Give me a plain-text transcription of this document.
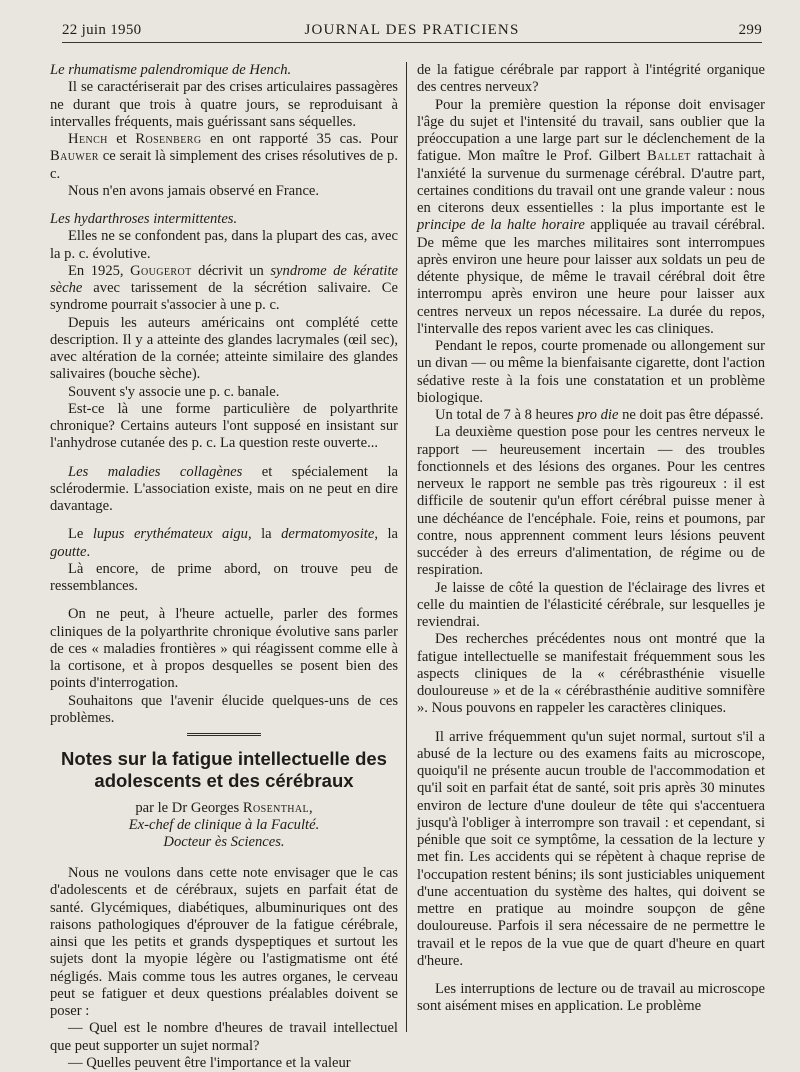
22 juin 1950	JOURNAL DES PRATICIENS	299

Le rhumatisme palendromique de Hench.

Il se caractériserait par des crises articulaires passagères ne durant que trois à quatre jours, se reproduisant à intervalles fréquents, mais guérissant sans séquelles.

Hench et Rosenberg en ont rapporté 35 cas. Pour Bauwer ce serait là simplement des crises résolutives de p. c.

Nous n'en avons jamais observé en France.

Les hydarthroses intermittentes.

Elles ne se confondent pas, dans la plupart des cas, avec la p. c. évolutive.

En 1925, Gougerot décrivit un syndrome de kératite sèche avec tarissement de la sécrétion salivaire. Ce syndrome pourrait s'associer à une p. c.

Depuis les auteurs américains ont complété cette description. Il y a atteinte des glandes lacrymales (œil sec), avec altération de la cornée; atteinte similaire des glandes salivaires (bouche sèche).

Souvent s'y associe une p. c. banale.

Est-ce là une forme particulière de polyarthrite chronique? Certains auteurs l'ont supposé en insistant sur l'anhydrose cutanée des p. c. La question reste ouverte...

Les maladies collagènes et spécialement la sclérodermie. L'association existe, mais on ne peut en dire davantage.

Le lupus erythémateux aigu, la dermatomyosite, la goutte.

Là encore, de prime abord, on trouve peu de ressemblances.

On ne peut, à l'heure actuelle, parler des formes cliniques de la polyarthrite chronique évolutive sans parler de ces « maladies frontières » qui réagissent comme elle à la cortisone, et à propos desquelles se posent bien des points d'interrogation.

Souhaitons que l'avenir élucide quelques-uns de ces problèmes.

Notes sur la fatigue intellectuelle des adolescents et des cérébraux
par le Dr Georges Rosenthal,
Ex-chef de clinique à la Faculté.
Docteur ès Sciences.

Nous ne voulons dans cette note envisager que le cas d'adolescents et de cérébraux, sujets en parfait état de santé. Glycémiques, diabétiques, albuminuriques ont des raisons pathologiques d'éprouver de la fatigue cérébrale, ainsi que les petits et grands dyspeptiques et surtout les sujets dont la myopie légère ou l'astigmatisme ont été négligés. Mais comme tous les autres organes, le cerveau peut se fatiguer et deux questions préalables doivent se poser :

— Quel est le nombre d'heures de travail intellectuel que peut supporter un sujet normal?

— Quelles peuvent être l'importance et la valeur

de la fatigue cérébrale par rapport à l'intégrité organique des centres nerveux?

Pour la première question la réponse doit envisager l'âge du sujet et l'intensité du travail, sans oublier que la préoccupation a une large part sur le déclenchement de la fatigue. Mon maître le Prof. Gilbert Ballet rattachait à l'anxiété la survenue du surmenage cérébral. D'autre part, certaines conditions du travail ont une grande valeur : nous en citerons deux essentielles : la plus importante est le principe de la halte horaire appliquée au travail cérébral. De même que les marches militaires sont interrompues après environ une heure pour laisser aux soldats un peu de détente physique, de même le travail cérébral doit être interrompu après environ une heure pour laisser aux centres nerveux un repos nécessaire. La durée du repos, l'intervalle des repos varient avec les cas cliniques.

Pendant le repos, courte promenade ou allongement sur un divan — ou même la bienfaisante cigarette, dont l'action sédative reste à la fois une constatation et un problème biologique.

Un total de 7 à 8 heures pro die ne doit pas être dépassé.

La deuxième question pose pour les centres nerveux le rapport — heureusement incertain — des troubles fonctionnels et des lésions des organes. Pour les centres nerveux le rapport ne semble pas très rigoureux : il est difficile de soutenir qu'un effort cérébral puisse mener à une déchéance de l'encéphale. Foie, reins et poumons, par contre, nous apprennent comment leurs lésions peuvent succéder à des erreurs d'alimentation, de régime ou de respiration.

Je laisse de côté la question de l'éclairage des livres et celle du maintien de l'élasticité cérébrale, sur lesquelles je reviendrai.

Des recherches précédentes nous ont montré que la fatigue intellectuelle se manifestait fréquemment sous les aspects cliniques de la « cérébrasthénie visuelle douloureuse » et de la « cérébrasthénie auditive somnifère ». Nous pouvons en rappeler les caractères cliniques.

Il arrive fréquemment qu'un sujet normal, surtout s'il a abusé de la lecture ou des examens faits au microscope, quoiqu'il ne présente aucun trouble de l'accommodation et qu'il soit en parfait état de santé, soit pris après 30 minutes environ de lecture d'une douleur de tête qui s'accentuera jusqu'à l'obliger à interrompre son travail : et cependant, si pénible que soit ce symptôme, la cessation de la lecture y met fin. Les accidents qui se répètent à chaque reprise de l'occupation restent bénins; ils sont justiciables uniquement d'une accentuation du système des haltes, qui doivent se mettre en pratique au moindre soupçon de gêne douloureuse. Parfois il sera nécessaire de ne permettre le travail et le repos de la vue que de quart d'heure en quart d'heure.

Les interruptions de lecture ou de travail au microscope sont aisément mises en application. Le problème
